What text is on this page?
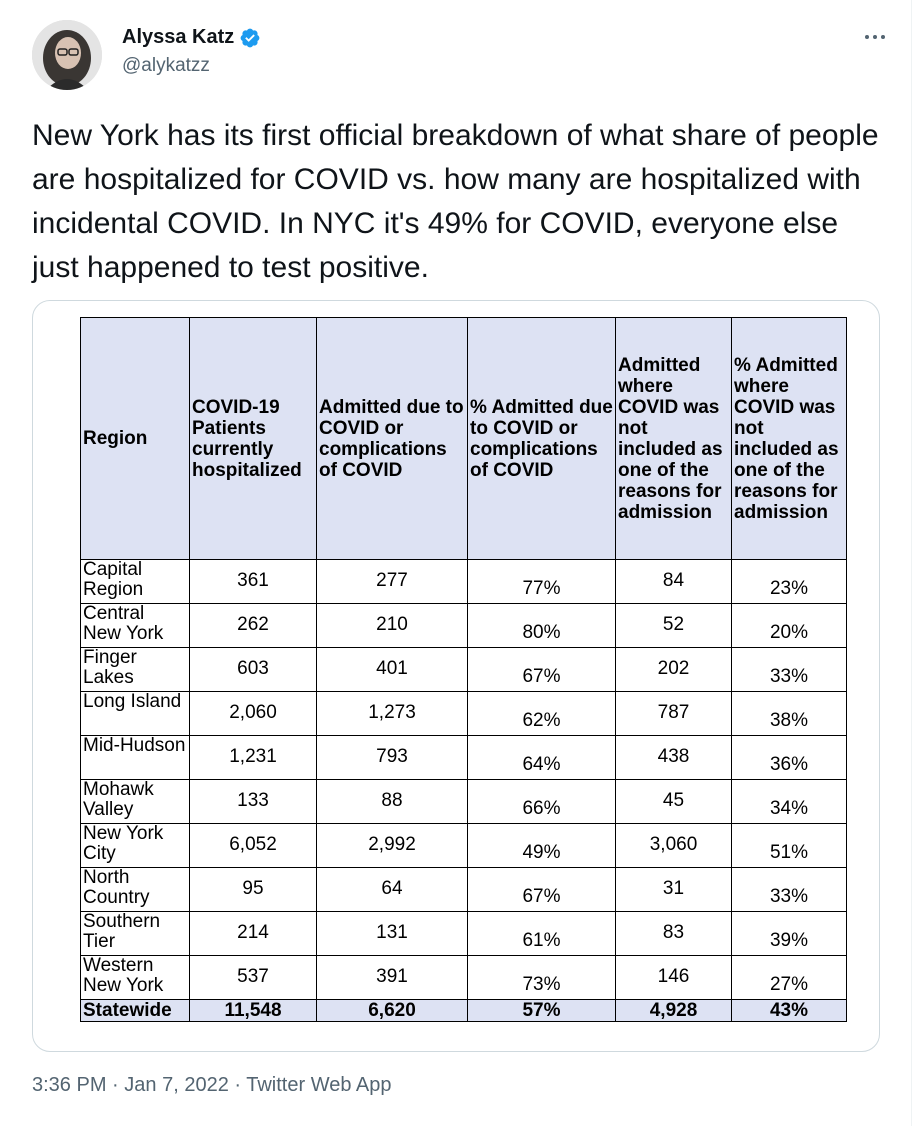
Alyssa Katz
@alykatzz
New York has its first official breakdown of what share of people are hospitalized for COVID vs. how many are hospitalized with incidental COVID. In NYC it's 49% for COVID, everyone else just happened to test positive.
Region	COVID-19 Patients currently hospitalized	Admitted due to COVID or complications of COVID	% Admitted due to COVID or complications of COVID	Admitted where COVID was not included as one of the reasons for admission	% Admitted where COVID was not included as one of the reasons for admission
Capital Region	361	277	77%	84	23%
Central New York	262	210	80%	52	20%
Finger Lakes	603	401	67%	202	33%
Long Island	2,060	1,273	62%	787	38%
Mid-Hudson	1,231	793	64%	438	36%
Mohawk Valley	133	88	66%	45	34%
New York City	6,052	2,992	49%	3,060	51%
North Country	95	64	67%	31	33%
Southern Tier	214	131	61%	83	39%
Western New York	537	391	73%	146	27%
Statewide	11,548	6,620	57%	4,928	43%
3:36 PM · Jan 7, 2022 · Twitter Web App
